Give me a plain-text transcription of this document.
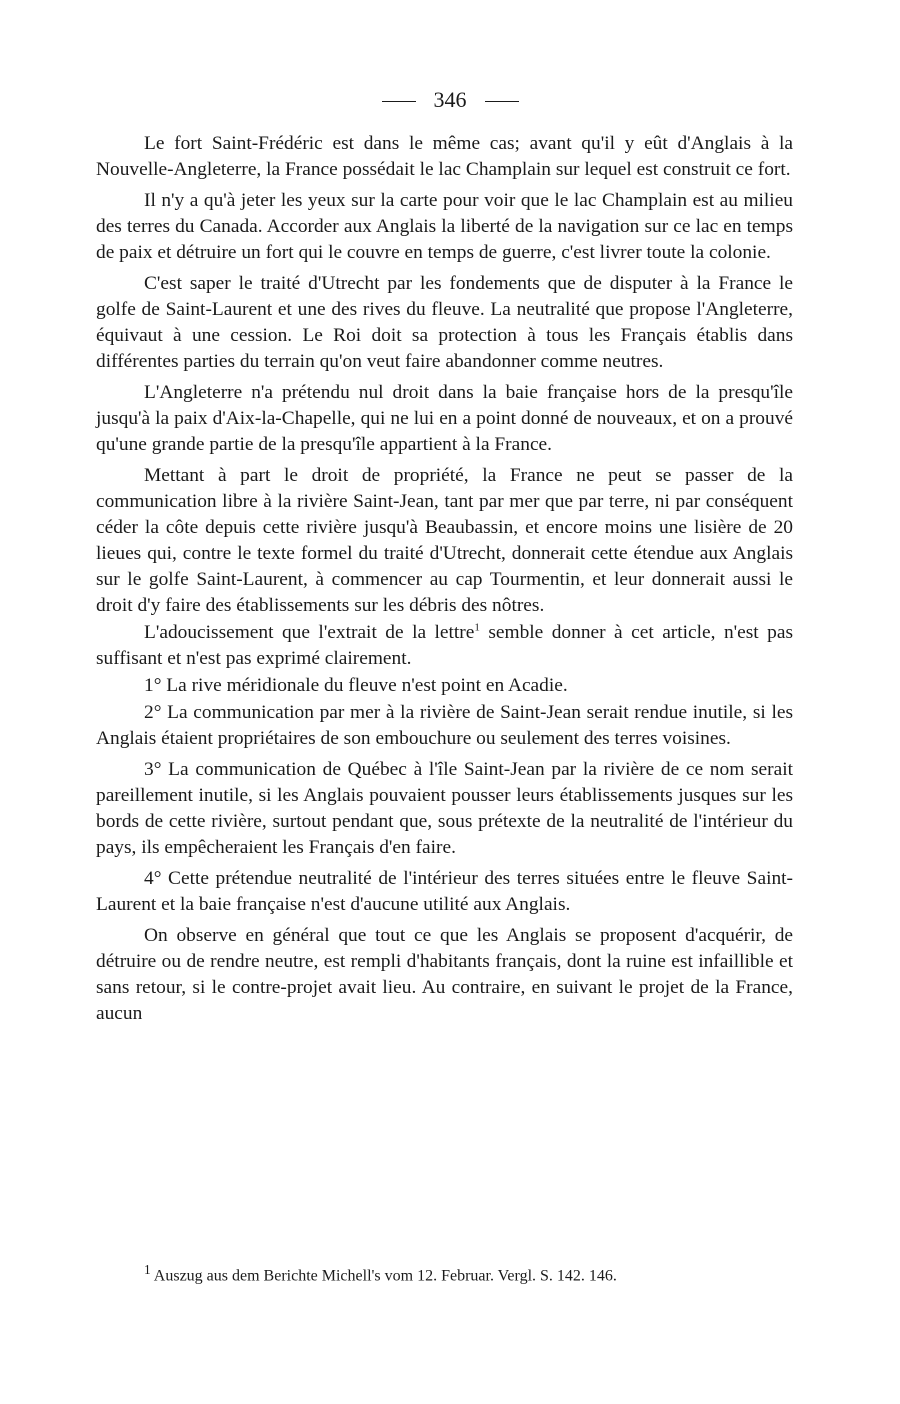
346

Le fort Saint-Frédéric est dans le même cas; avant qu'il y eût d'Anglais à la Nouvelle-Angleterre, la France possédait le lac Champlain sur lequel est construit ce fort.

Il n'y a qu'à jeter les yeux sur la carte pour voir que le lac Champlain est au milieu des terres du Canada. Accorder aux Anglais la liberté de la navigation sur ce lac en temps de paix et détruire un fort qui le couvre en temps de guerre, c'est livrer toute la colonie.

C'est saper le traité d'Utrecht par les fondements que de disputer à la France le golfe de Saint-Laurent et une des rives du fleuve. La neutralité que propose l'Angleterre, équivaut à une cession. Le Roi doit sa protection à tous les Français établis dans différentes parties du terrain qu'on veut faire abandonner comme neutres.

L'Angleterre n'a prétendu nul droit dans la baie française hors de la presqu'île jusqu'à la paix d'Aix-la-Chapelle, qui ne lui en a point donné de nouveaux, et on a prouvé qu'une grande partie de la presqu'île appartient à la France.

Mettant à part le droit de propriété, la France ne peut se passer de la communication libre à la rivière Saint-Jean, tant par mer que par terre, ni par conséquent céder la côte depuis cette rivière jusqu'à Beaubassin, et encore moins une lisière de 20 lieues qui, contre le texte formel du traité d'Utrecht, donnerait cette étendue aux Anglais sur le golfe Saint-Laurent, à commencer au cap Tourmentin, et leur donnerait aussi le droit d'y faire des établissements sur les débris des nôtres.

L'adoucissement que l'extrait de la lettre$^1$ semble donner à cet article, n'est pas suffisant et n'est pas exprimé clairement.

1° La rive méridionale du fleuve n'est point en Acadie.

2° La communication par mer à la rivière de Saint-Jean serait rendue inutile, si les Anglais étaient propriétaires de son embouchure ou seulement des terres voisines.

3° La communication de Québec à l'île Saint-Jean par la rivière de ce nom serait pareillement inutile, si les Anglais pouvaient pousser leurs établissements jusques sur les bords de cette rivière, surtout pendant que, sous prétexte de la neutralité de l'intérieur du pays, ils empêcheraient les Français d'en faire.

4° Cette prétendue neutralité de l'intérieur des terres situées entre le fleuve Saint-Laurent et la baie française n'est d'aucune utilité aux Anglais.

On observe en général que tout ce que les Anglais se proposent d'acquérir, de détruire ou de rendre neutre, est rempli d'habitants français, dont la ruine est infaillible et sans retour, si le contre-projet avait lieu. Au contraire, en suivant le projet de la France, aucun

$^1$ Auszug aus dem Berichte Michell's vom 12. Februar. Vergl. S. 142. 146.
